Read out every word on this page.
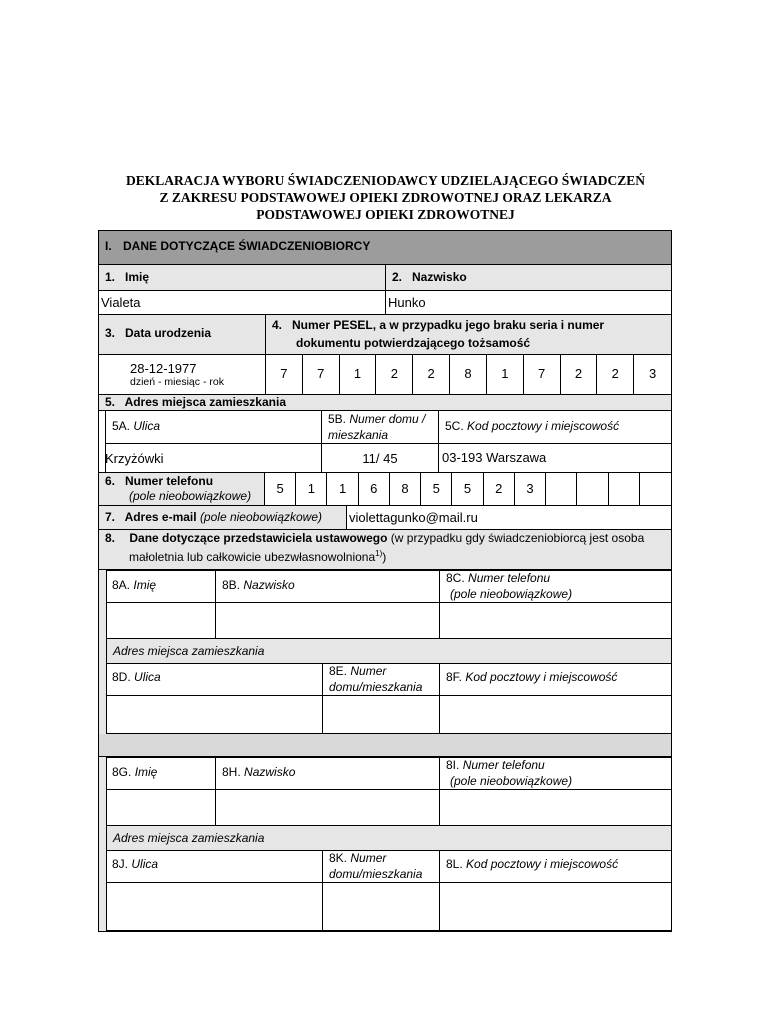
DEKLARACJA WYBORU ŚWIADCZENIODAWCY UDZIELAJĄCEGO ŚWIADCZEŃ
Z ZAKRESU PODSTAWOWEJ OPIEKI ZDROWOTNEJ ORAZ LEKARZA
PODSTAWOWEJ OPIEKI ZDROWOTNEJ
I. DANE DOTYCZĄCE ŚWIADCZENIOBIORCY
1.   Imię	2.   Nazwisko
Vialeta	Hunko
3.   Data urodzenia
4.   Numer PESEL, a w przypadku jego braku seria i numer
dokumentu potwierdzającego tożsamość
28-12-1977
dzień - miesiąc - rok
7	7	1	2	2	8	1	7	2	2	3
5.   Adres miejsca zamieszkania
5A. Ulica	5B. Numer domu /
mieszkania
5C. Kod pocztowy i miejscowość
Krzyżówki	11/ 45	03-193 Warszawa
6.   Numer telefonu
(pole nieobowiązkowe)	5	1	1	6	8	5	5	2	3
7.   Adres e-mail (pole nieobowiązkowe)	violettagunko@mail.ru
8. Dane dotyczące przedstawiciela ustawowego (w przypadku gdy świadczeniobiorcą jest osoba
małoletnia lub całkowicie ubezwłasnowolniona$^{1)}$)
8A. Imię	8B. Nazwisko	8C. Numer telefonu
(pole nieobowiązkowe)
Adres miejsca zamieszkania
8D. Ulica	8E. Numer
domu/mieszkania
8F. Kod pocztowy i miejscowość
8G. Imię	8H. Nazwisko	8I. Numer telefonu
(pole nieobowiązkowe)
Adres miejsca zamieszkania
8J. Ulica	8K. Numer
domu/mieszkania
8L. Kod pocztowy i miejscowość
